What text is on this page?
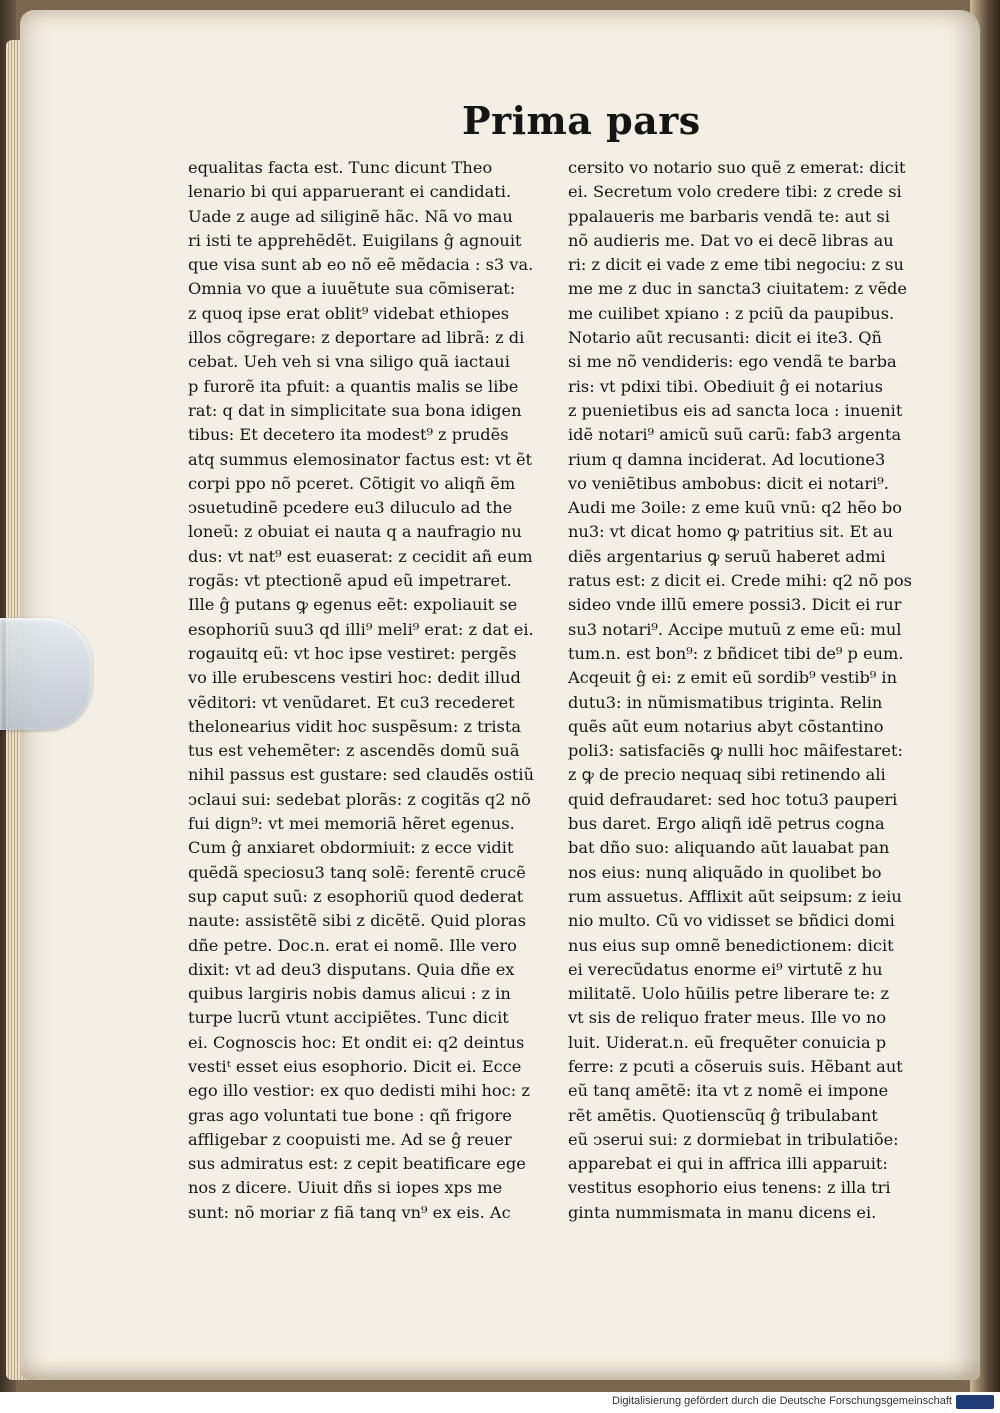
Prima pars
equalitas facta est. Tunc dicunt Theo
lenario bi qui apparuerant ei candidati.
Uade z auge ad siliginẽ hãc. Nã vo mau
ri isti te apprehẽdẽt. Euigilans ĝ agnouit
que visa sunt ab eo nõ eẽ mẽdacia : s3 va.
Omnia vo que a iuuẽtute sua cõmiserat:
z quoq ipse erat oblit⁹ videbat ethiopes
illos cõgregare: z deportare ad librã: z di
cebat. Ueh veh si vna siligo quã iactaui
p furorẽ ita pfuit: a quantis malis se libe
rat: q dat in simplicitate sua bona idigen
tibus: Et decetero ita modest⁹ z prudẽs
atq summus elemosinator factus est: vt ẽt
corpi ppo nõ pceret. Cõtigit vo aliqñ ẽm
ↄsuetudinẽ pcedere eu3 diluculo ad the
loneũ: z obuiat ei nauta q a naufragio nu
dus: vt nat⁹ est euaserat: z cecidit añ eum
rogãs: vt ptectionẽ apud eũ impetraret.
Ille ĝ putans ꝙ egenus eẽt: expoliauit se
esophoriũ suu3 qd illi⁹ meli⁹ erat: z dat ei.
rogauitq eũ: vt hoc ipse vestiret: pergẽs
vo ille erubescens vestiri hoc: dedit illud
vẽditori: vt venũdaret. Et cu3 recederet
thelonearius vidit hoc suspẽsum: z trista
tus est vehemẽter: z ascendẽs domũ suã
nihil passus est gustare: sed claudẽs ostiũ
ↄclaui sui: sedebat plorãs: z cogitãs q2 nõ
fui dign⁹: vt mei memoriã hẽret egenus.
Cum ĝ anxiaret obdormiuit: z ecce vidit
quẽdã speciosu3 tanq solẽ: ferentẽ crucẽ
sup caput suũ: z esophoriũ quod dederat
naute: assistẽtẽ sibi z dicẽtẽ. Quid ploras
dñe petre. Doc.n. erat ei nomẽ. Ille vero
dixit: vt ad deu3 disputans. Quia dñe ex
quibus largiris nobis damus alicui : z in
turpe lucrũ vtunt accipiẽtes. Tunc dicit
ei. Cognoscis hoc: Et ondit ei: q2 deintus
vestiᵗ esset eius esophorio. Dicit ei. Ecce
ego illo vestior: ex quo dedisti mihi hoc: z
gras ago voluntati tue bone : qñ frigore
affligebar z coopuisti me. Ad se ĝ reuer
sus admiratus est: z cepit beatificare ege
nos z dicere. Uiuit dñs si iopes xps me
sunt: nõ moriar z fiã tanq vn⁹ ex eis. Ac
cersito vo notario suo quẽ z emerat: dicit
ei. Secretum volo credere tibi: z crede si
ppalaueris me barbaris vendã te: aut si
nõ audieris me. Dat vo ei decẽ libras au
ri: z dicit ei vade z eme tibi negociu: z su
me me z duc in sancta3 ciuitatem: z vẽde
me cuilibet xpiano : z pciũ da paupibus.
Notario aũt recusanti: dicit ei ite3. Qñ
si me nõ vendideris: ego vendã te barba
ris: vt pdixi tibi. Obediuit ĝ ei notarius
z puenietibus eis ad sancta loca : inuenit
idẽ notari⁹ amicũ suũ carũ: fab3 argenta
rium q damna inciderat. Ad locutione3
vo veniẽtibus ambobus: dicit ei notari⁹.
Audi me 3oile: z eme kuũ vnũ: q2 hẽo bo
nu3: vt dicat homo ꝙ patritius sit. Et au
diẽs argentarius ꝙ seruũ haberet admi
ratus est: z dicit ei. Crede mihi: q2 nõ pos
sideo vnde illũ emere possi3. Dicit ei rur
su3 notari⁹. Accipe mutuũ z eme eũ: mul
tum.n. est bon⁹: z bñdicet tibi de⁹ p eum.
Acqeuit ĝ ei: z emit eũ sordib⁹ vestib⁹ in
dutu3: in nũmismatibus triginta. Relin
quẽs aũt eum notarius abyt cõstantino
poli3: satisfaciẽs ꝙ nulli hoc mãifestaret:
z ꝙ de precio nequaq sibi retinendo ali
quid defraudaret: sed hoc totu3 pauperi
bus daret. Ergo aliqñ idẽ petrus cogna
bat dño suo: aliquando aũt lauabat pan
nos eius: nunq aliquãdo in quolibet bo
rum assuetus. Afflixit aũt seipsum: z ieiu
nio multo. Cũ vo vidisset se bñdici domi
nus eius sup omnẽ benedictionem: dicit
ei verecũdatus enorme ei⁹ virtutẽ z hu
militatẽ. Uolo hũilis petre liberare te: z
vt sis de reliquo frater meus. Ille vo no
luit. Uiderat.n. eũ frequẽter conuicia p
ferre: z pcuti a cõseruis suis. Hẽbant aut
eũ tanq amẽtẽ: ita vt z nomẽ ei impone
rẽt amẽtis. Quotienscũq ĝ tribulabant
eũ ↄserui sui: z dormiebat in tribulatiõe:
apparebat ei qui in affrica illi apparuit:
vestitus esophorio eius tenens: z illa tri
ginta nummismata in manu dicens ei.
Digitalisierung gefördert durch die Deutsche Forschungsgemeinschaft
